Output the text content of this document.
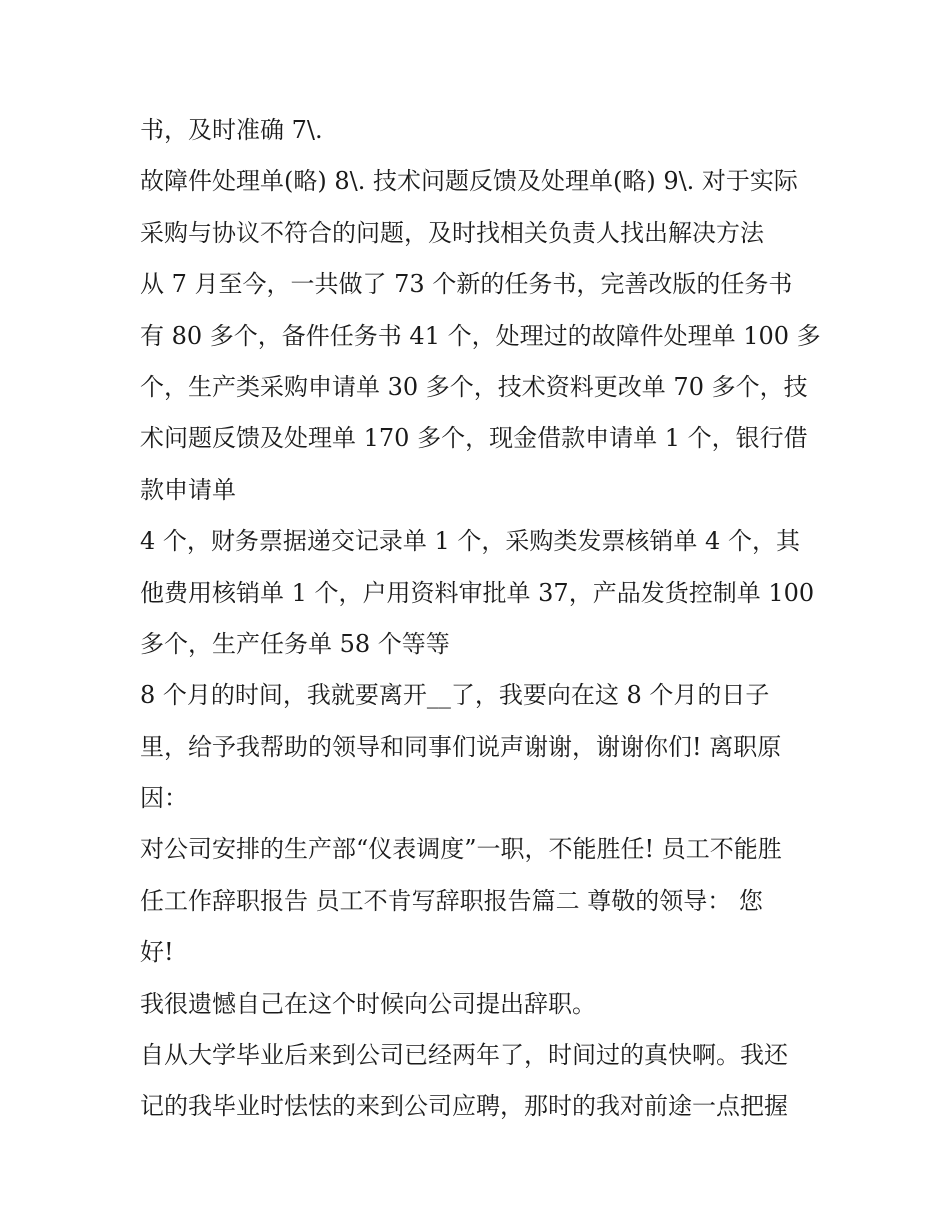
书，及时准确 7\.
故障件处理单(略) 8\. 技术问题反馈及处理单(略) 9\. 对于实际
采购与协议不符合的问题，及时找相关负责人找出解决方法
从 7 月至今，一共做了 73 个新的任务书，完善改版的任务书
有 80 多个，备件任务书 41 个，处理过的故障件处理单 100 多
个，生产类采购申请单 30 多个，技术资料更改单 70 多个，技
术问题反馈及处理单 170 多个，现金借款申请单 1 个，银行借
款申请单
4 个，财务票据递交记录单 1 个，采购类发票核销单 4 个，其
他费用核销单 1 个，户用资料审批单 37，产品发货控制单 100
多个，生产任务单 58 个等等
8 个月的时间，我就要离开__了，我要向在这 8 个月的日子
里，给予我帮助的领导和同事们说声谢谢，谢谢你们! 离职原
因：
对公司安排的生产部“仪表调度”一职，不能胜任! 员工不能胜
任工作辞职报告 员工不肯写辞职报告篇二 尊敬的领导： 您
好!
我很遗憾自己在这个时候向公司提出辞职。
自从大学毕业后来到公司已经两年了，时间过的真快啊。我还
记的我毕业时怯怯的来到公司应聘，那时的我对前途一点把握
